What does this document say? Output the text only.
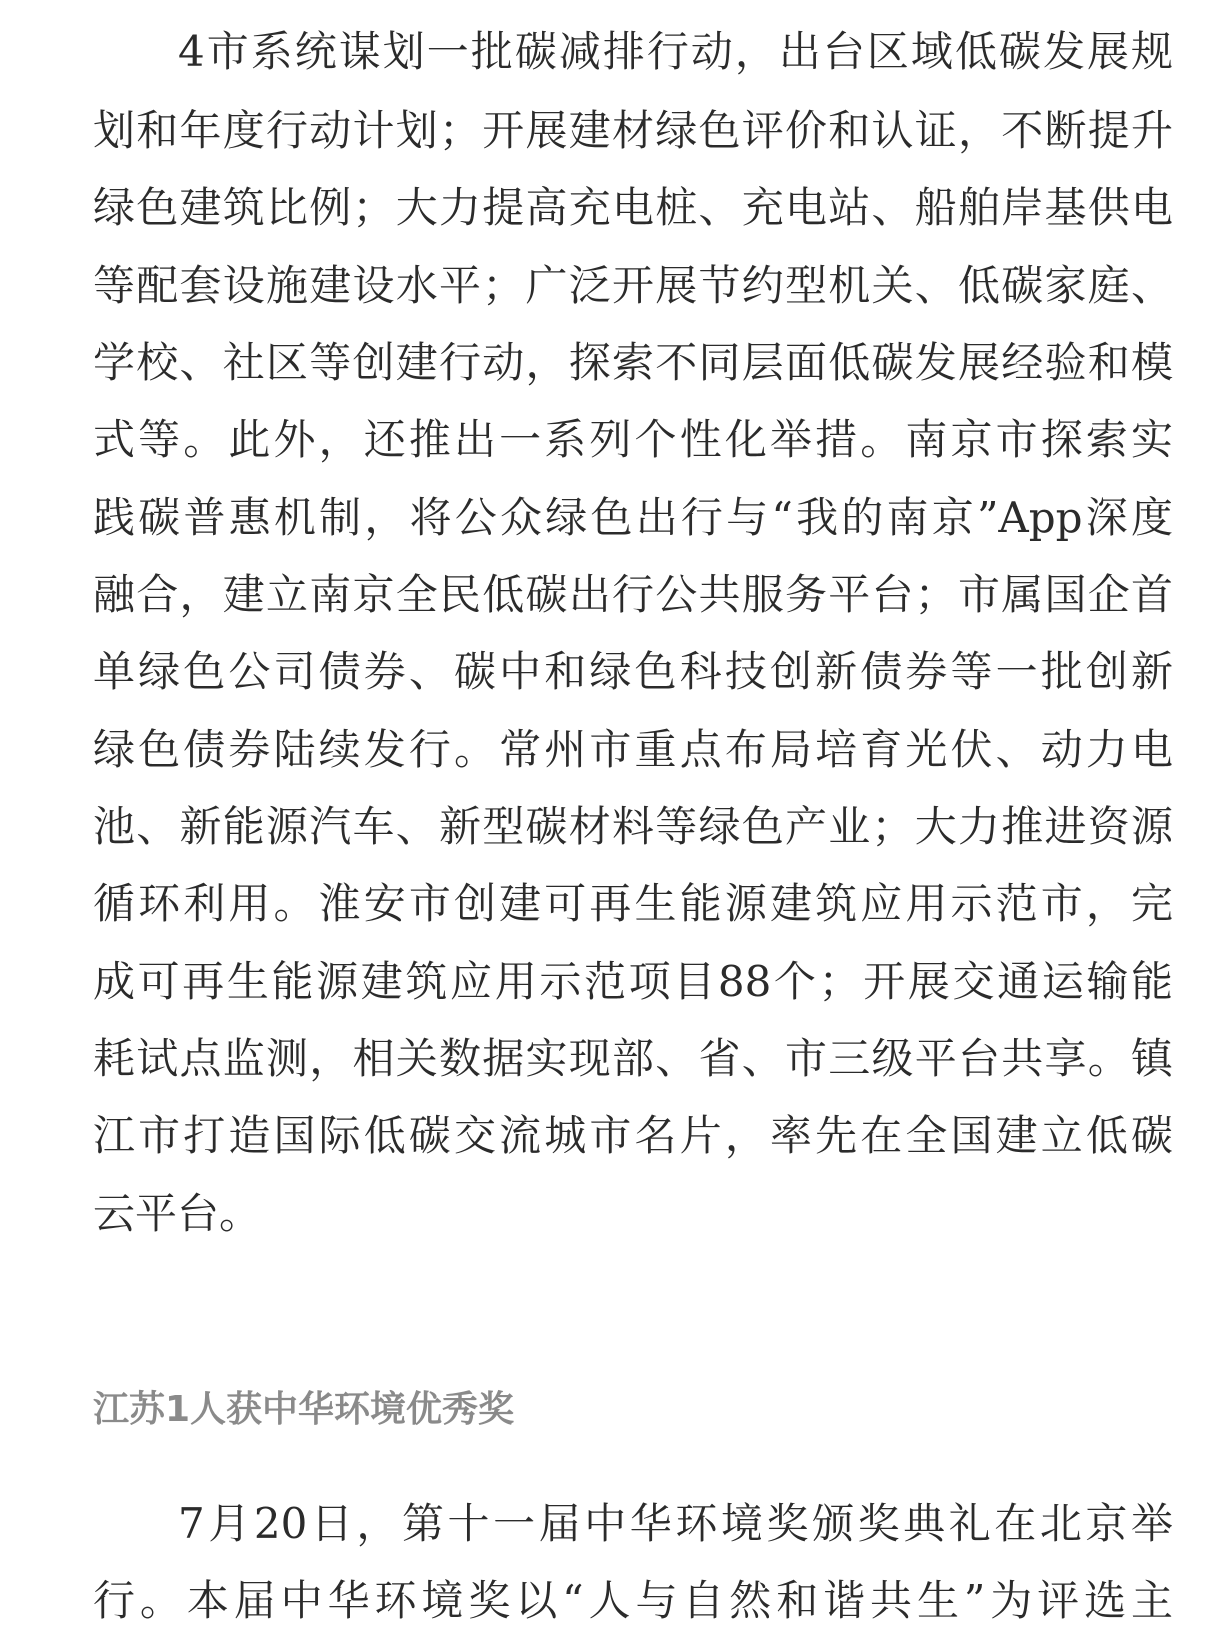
4市系统谋划一批碳减排行动，出台区域低碳发展规
划和年度行动计划；开展建材绿色评价和认证，不断提升
绿色建筑比例；大力提高充电桩、充电站、船舶岸基供电
等配套设施建设水平；广泛开展节约型机关、低碳家庭、
学校、社区等创建行动，探索不同层面低碳发展经验和模
式等。此外，还推出一系列个性化举措。南京市探索实
践碳普惠机制，将公众绿色出行与“我的南京”App深度
融合，建立南京全民低碳出行公共服务平台；市属国企首
单绿色公司债券、碳中和绿色科技创新债券等一批创新
绿色债券陆续发行。常州市重点布局培育光伏、动力电
池、新能源汽车、新型碳材料等绿色产业；大力推进资源
循环利用。淮安市创建可再生能源建筑应用示范市，完
成可再生能源建筑应用示范项目88个；开展交通运输能
耗试点监测，相关数据实现部、省、市三级平台共享。镇
江市打造国际低碳交流城市名片，率先在全国建立低碳
云平台。
江苏1人获中华环境优秀奖
7月20日，第十一届中华环境奖颁奖典礼在北京举
行。本届中华环境奖以“人与自然和谐共生”为评选主
